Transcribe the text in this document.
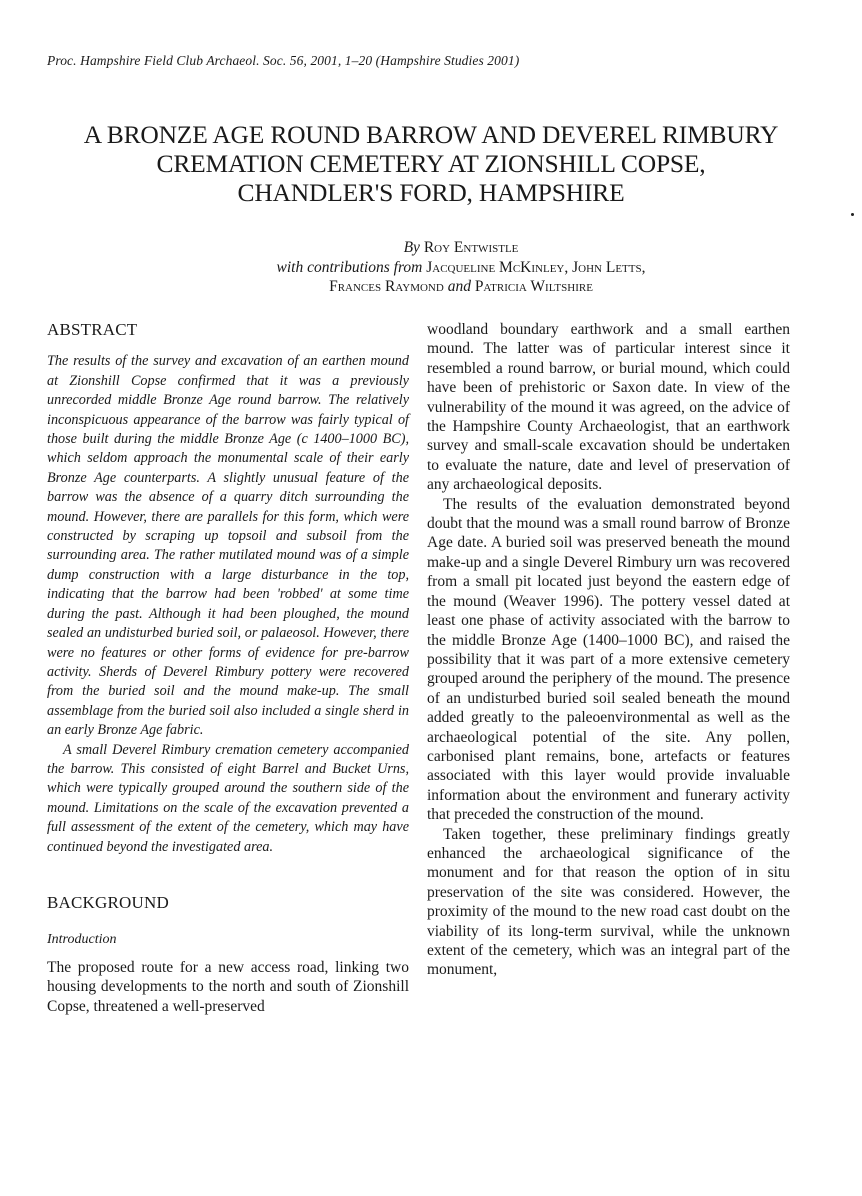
Proc. Hampshire Field Club Archaeol. Soc. 56, 2001, 1–20 (Hampshire Studies 2001)
A BRONZE AGE ROUND BARROW AND DEVEREL RIMBURY
CREMATION CEMETERY AT ZIONSHILL COPSE,
CHANDLER'S FORD, HAMPSHIRE
By Roy Entwistle
with contributions from Jacqueline McKinley, John Letts,
Frances Raymond and Patricia Wiltshire
ABSTRACT

The results of the survey and excavation of an earthen mound at Zionshill Copse confirmed that it was a previously unrecorded middle Bronze Age round barrow. The relatively inconspicuous appearance of the barrow was fairly typical of those built during the middle Bronze Age (c 1400–1000 BC), which seldom approach the monumental scale of their early Bronze Age counterparts. A slightly unusual feature of the barrow was the absence of a quarry ditch surrounding the mound. However, there are parallels for this form, which were constructed by scraping up topsoil and subsoil from the surrounding area. The rather mutilated mound was of a simple dump construction with a large disturbance in the top, indicating that the barrow had been 'robbed' at some time during the past. Although it had been ploughed, the mound sealed an undisturbed buried soil, or palaeosol. However, there were no features or other forms of evidence for pre-barrow activity. Sherds of Deverel Rimbury pottery were recovered from the buried soil and the mound make-up. The small assemblage from the buried soil also included a single sherd in an early Bronze Age fabric.

A small Deverel Rimbury cremation cemetery accompanied the barrow. This consisted of eight Barrel and Bucket Urns, which were typically grouped around the southern side of the mound. Limitations on the scale of the excavation prevented a full assessment of the extent of the cemetery, which may have continued beyond the investigated area.

BACKGROUND
Introduction

The proposed route for a new access road, linking two housing developments to the north and south of Zionshill Copse, threatened a well-preserved

woodland boundary earthwork and a small earthen mound. The latter was of particular interest since it resembled a round barrow, or burial mound, which could have been of prehistoric or Saxon date. In view of the vulnerability of the mound it was agreed, on the advice of the Hampshire County Archaeologist, that an earthwork survey and small-scale excavation should be undertaken to evaluate the nature, date and level of preservation of any archaeological deposits.

The results of the evaluation demonstrated beyond doubt that the mound was a small round barrow of Bronze Age date. A buried soil was preserved beneath the mound make-up and a single Deverel Rimbury urn was recovered from a small pit located just beyond the eastern edge of the mound (Weaver 1996). The pottery vessel dated at least one phase of activity associated with the barrow to the middle Bronze Age (1400–1000 BC), and raised the possibility that it was part of a more extensive cemetery grouped around the periphery of the mound. The presence of an undisturbed buried soil sealed beneath the mound added greatly to the paleoenvironmental as well as the archaeological potential of the site. Any pollen, carbonised plant remains, bone, artefacts or features associated with this layer would provide invaluable information about the environment and funerary activity that preceded the construction of the mound.

Taken together, these preliminary findings greatly enhanced the archaeological significance of the monument and for that reason the option of in situ preservation of the site was considered. However, the proximity of the mound to the new road cast doubt on the viability of its long-term survival, while the unknown extent of the cemetery, which was an integral part of the monument,
